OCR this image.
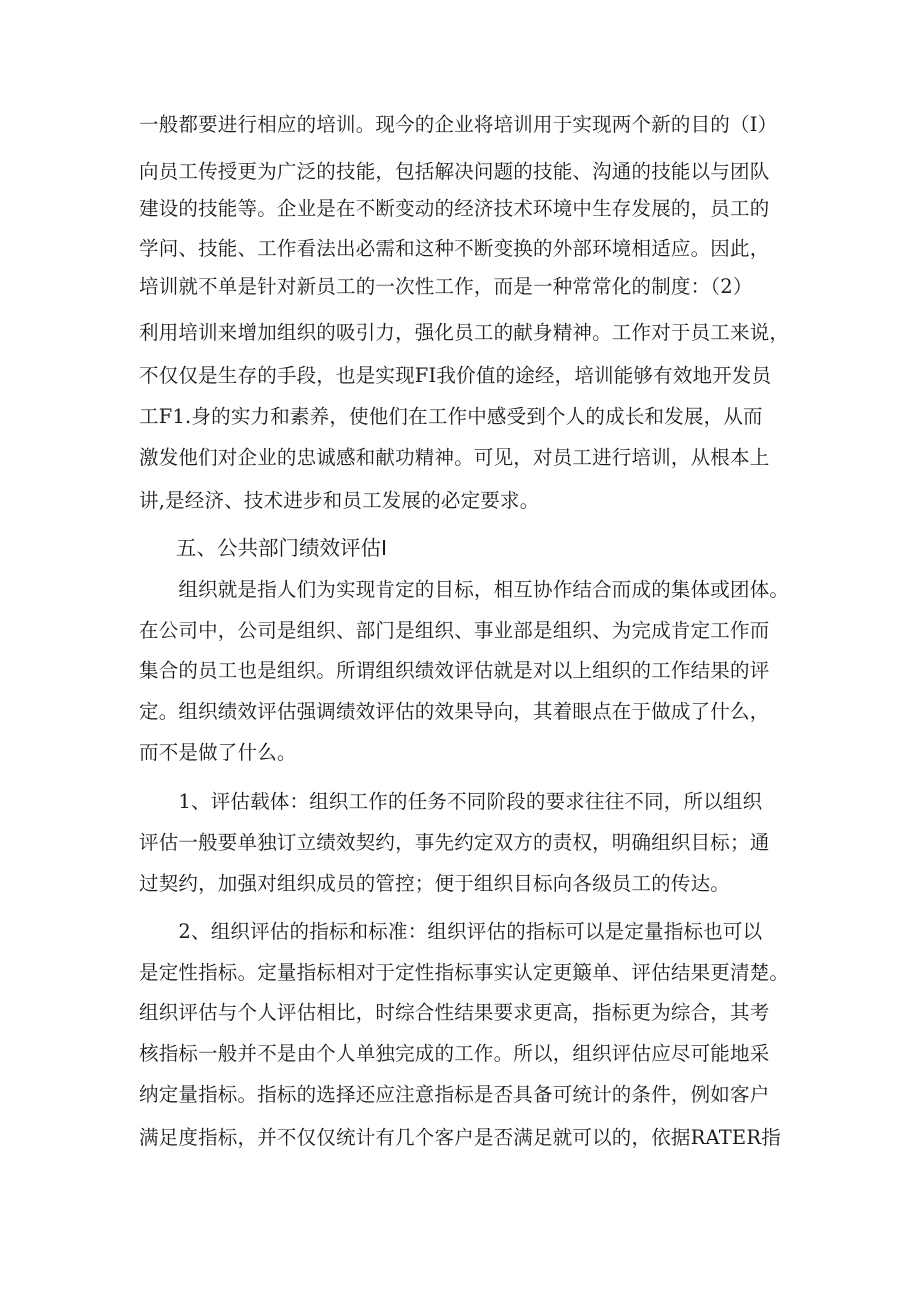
一般都要进行相应的培训。现今的企业将培训用于实现两个新的目的（I）
向员工传授更为广泛的技能，包括解决问题的技能、沟通的技能以与团队
建设的技能等。企业是在不断变动的经济技术环境中生存发展的，员工的
学问、技能、工作看法出必需和这种不断变换的外部环境相适应。因此，
培训就不单是针对新员工的一次性工作，而是一种常常化的制度：（2）
利用培训来增加组织的吸引力，强化员工的献身精神。工作对于员工来说，
不仅仅是生存的手段，也是实现FI我价值的途经，培训能够有效地开发员
工F1.身的实力和素养，使他们在工作中感受到个人的成长和发展，从而
激发他们对企业的忠诚感和献功精神。可见，对员工进行培训，从根本上
讲,是经济、技术进步和员工发展的必定要求。
五、公共部门绩效评估I
　　组织就是指人们为实现肯定的目标，相互协作结合而成的集体或团体。
在公司中，公司是组织、部门是组织、事业部是组织、为完成肯定工作而
集合的员工也是组织。所谓组织绩效评估就是对以上组织的工作结果的评
定。组织绩效评估强调绩效评估的效果导向，其着眼点在于做成了什么，
而不是做了什么。
　　1、评估载体：组织工作的任务不同阶段的要求往往不同，所以组织
评估一般要单独订立绩效契约，事先约定双方的责权，明确组织目标；通
过契约，加强对组织成员的管控；便于组织目标向各级员工的传达。
　　2、组织评估的指标和标准：组织评估的指标可以是定量指标也可以
是定性指标。定量指标相对于定性指标事实认定更簸单、评估结果更清楚。
组织评估与个人评估相比，时综合性结果要求更高，指标更为综合，其考
核指标一般并不是由个人单独完成的工作。所以，组织评估应尽可能地采
纳定量指标。指标的选择还应注意指标是否具备可统计的条件，例如客户
满足度指标，并不仅仅统计有几个客户是否满足就可以的，依据RATER指
